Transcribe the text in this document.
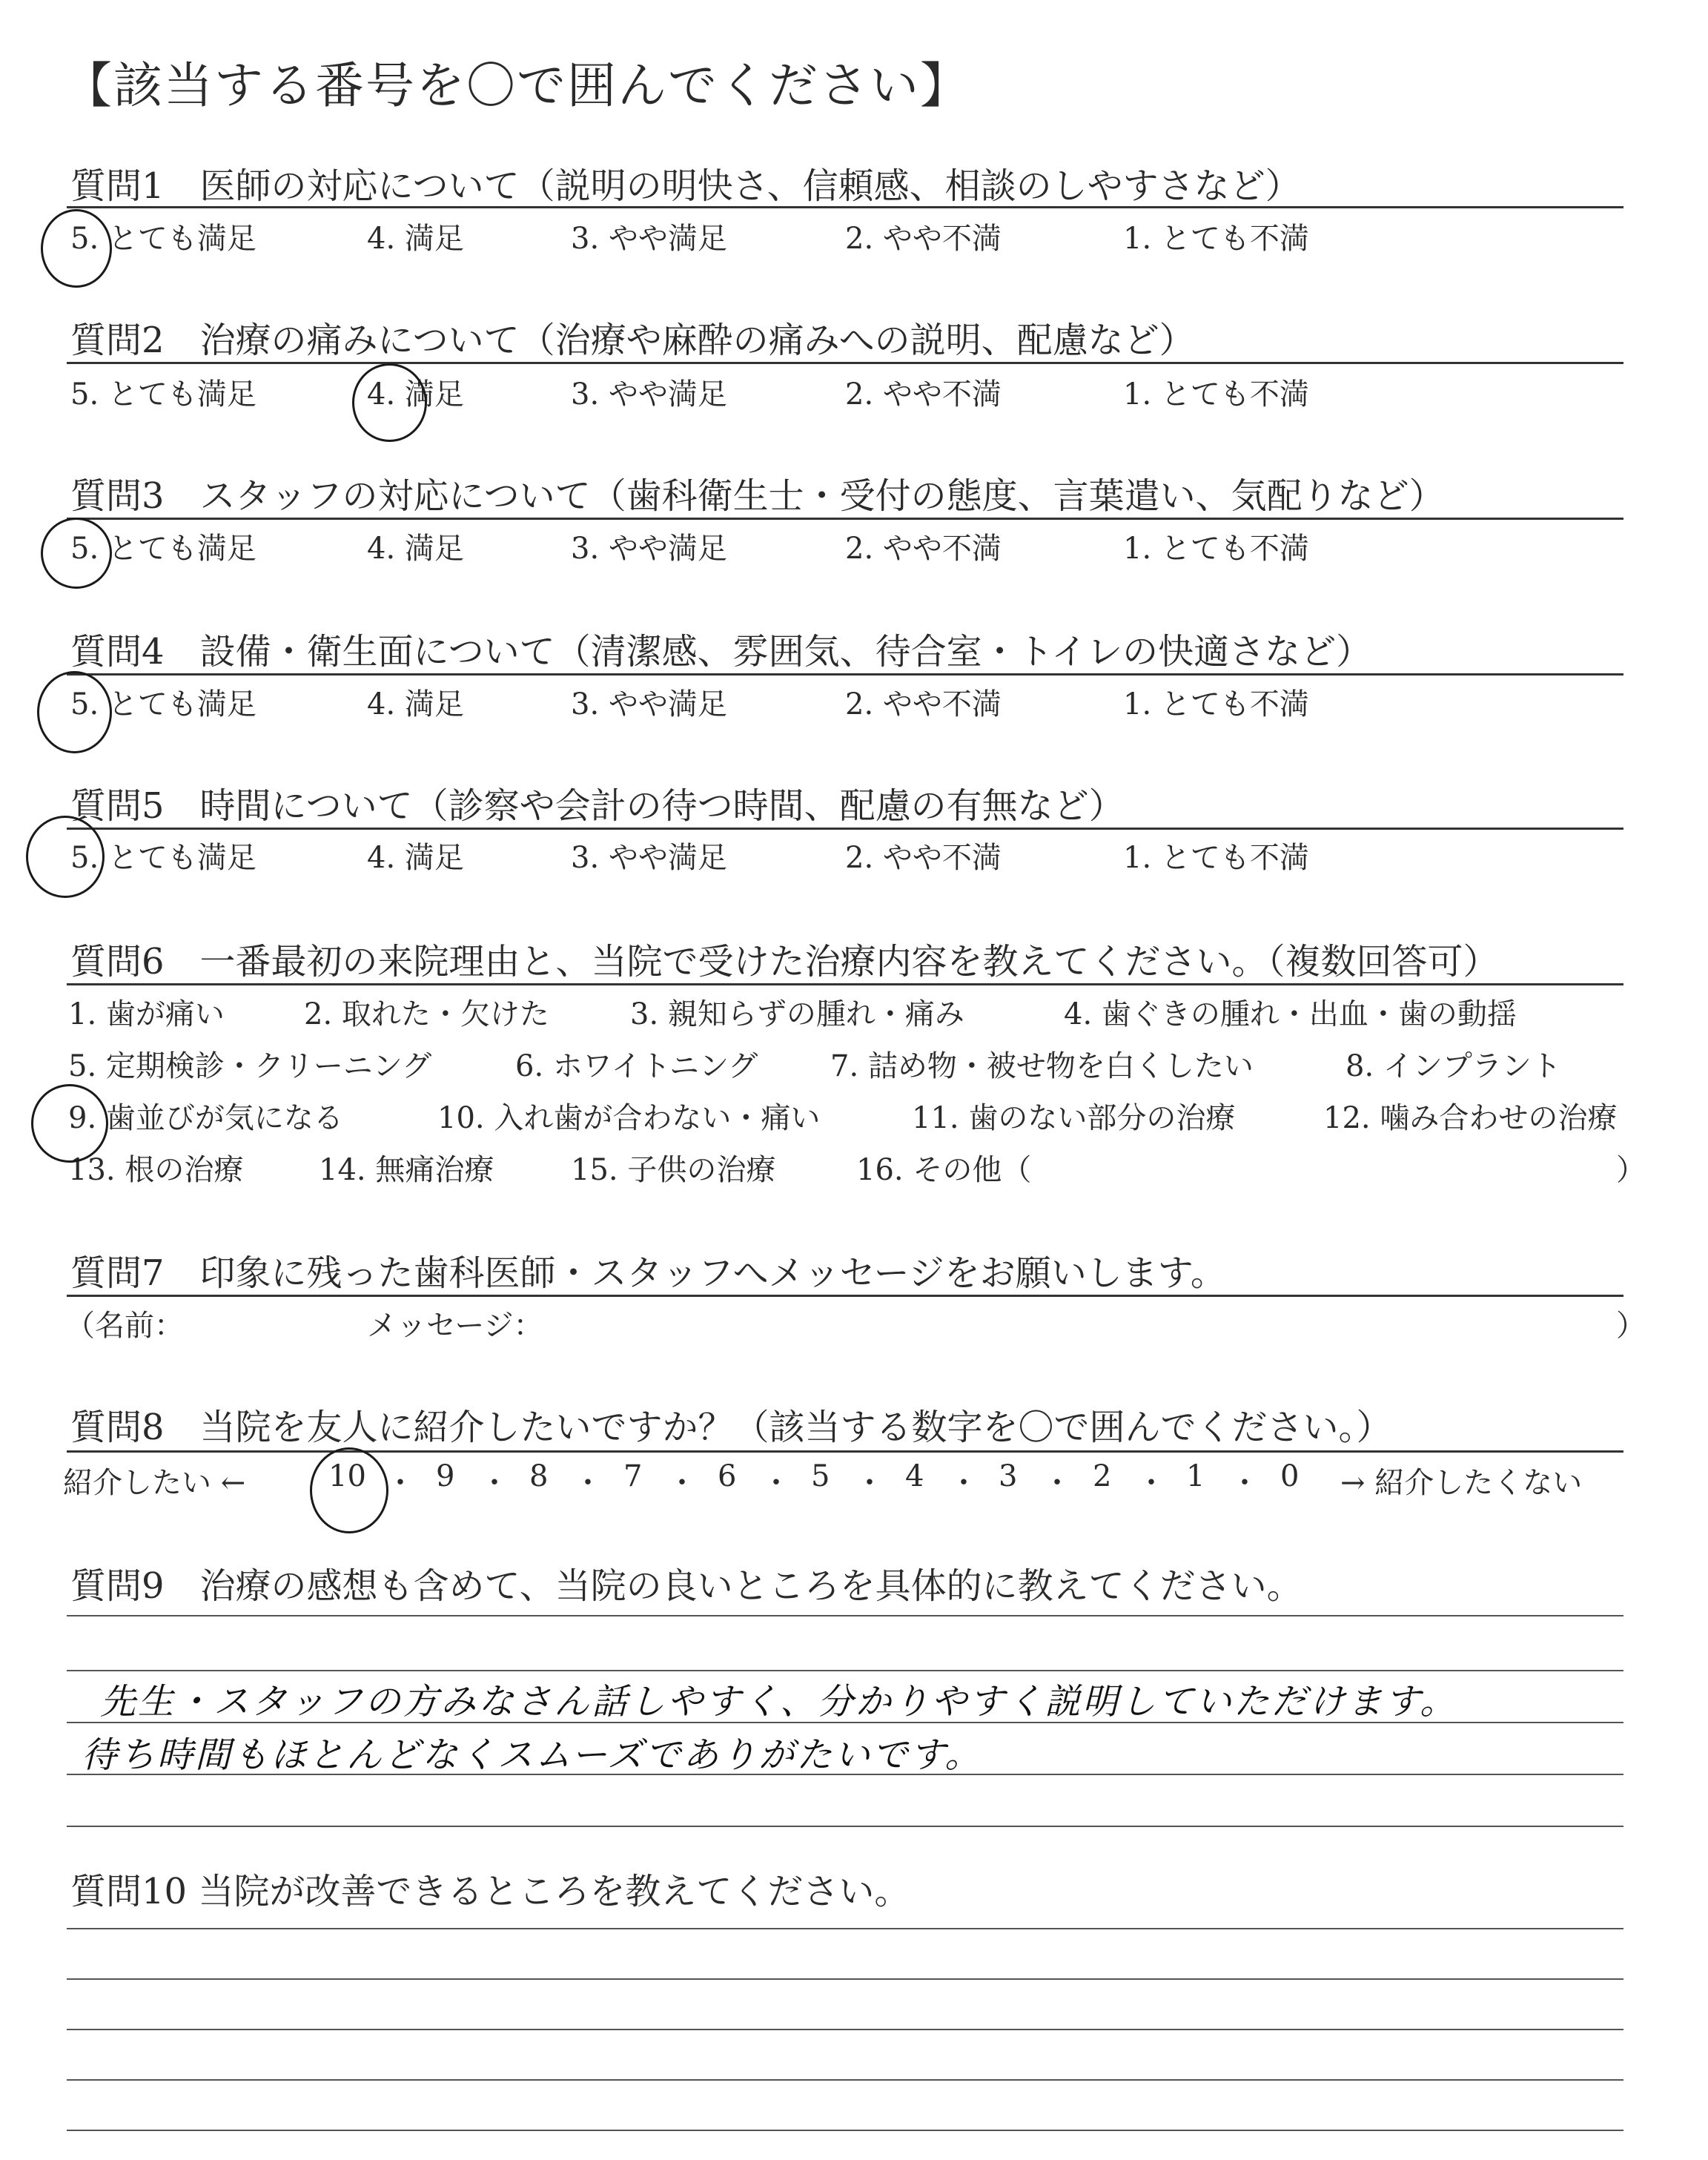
【該当する番号を〇で囲んでください】
質問1　医師の対応について（説明の明快さ、信頼感、相談のしやすさなど）
5. とても満足	4. 満足	3. やや満足	2. やや不満	1. とても不満
質問2　治療の痛みについて（治療や麻酔の痛みへの説明、配慮など）
5. とても満足	4. 満足	3. やや満足	2. やや不満	1. とても不満
質問3　スタッフの対応について（歯科衛生士・受付の態度、言葉遣い、気配りなど）
5. とても満足	4. 満足	3. やや満足	2. やや不満	1. とても不満
質問4　設備・衛生面について（清潔感、雰囲気、待合室・トイレの快適さなど）
5. とても満足	4. 満足	3. やや満足	2. やや不満	1. とても不満
質問5　時間について（診察や会計の待つ時間、配慮の有無など）
5. とても満足	4. 満足	3. やや満足	2. やや不満	1. とても不満
質問6　一番最初の来院理由と、当院で受けた治療内容を教えてください。（複数回答可）
1. 歯が痛い	2. 取れた・欠けた	3. 親知らずの腫れ・痛み	4. 歯ぐきの腫れ・出血・歯の動揺
5. 定期検診・クリーニング	6. ホワイトニング 7. 詰め物・被せ物を白くしたい	8. インプラント
9. 歯並びが気になる	10. 入れ歯が合わない・痛い	11. 歯のない部分の治療	12. 噛み合わせの治療
13. 根の治療	14. 無痛治療	15. 子供の治療	16. その他（	）
質問7　印象に残った歯科医師・スタッフへメッセージをお願いします。
（名前：	メッセージ：	）
質問8　当院を友人に紹介したいですか？（該当する数字を〇で囲んでください。）
紹介したい ←	10 ・ 9 ・ 8 ・ 7 ・ 6 ・ 5 ・ 4 ・ 3 ・ 2 ・ 1 ・ 0 → 紹介したくない
質問9　治療の感想も含めて、当院の良いところを具体的に教えてください。
先生・スタッフの方みなさん話しやすく、分かりやすく説明していただけます。
待ち時間もほとんどなくスムーズでありがたいです。
質問10 当院が改善できるところを教えてください。
